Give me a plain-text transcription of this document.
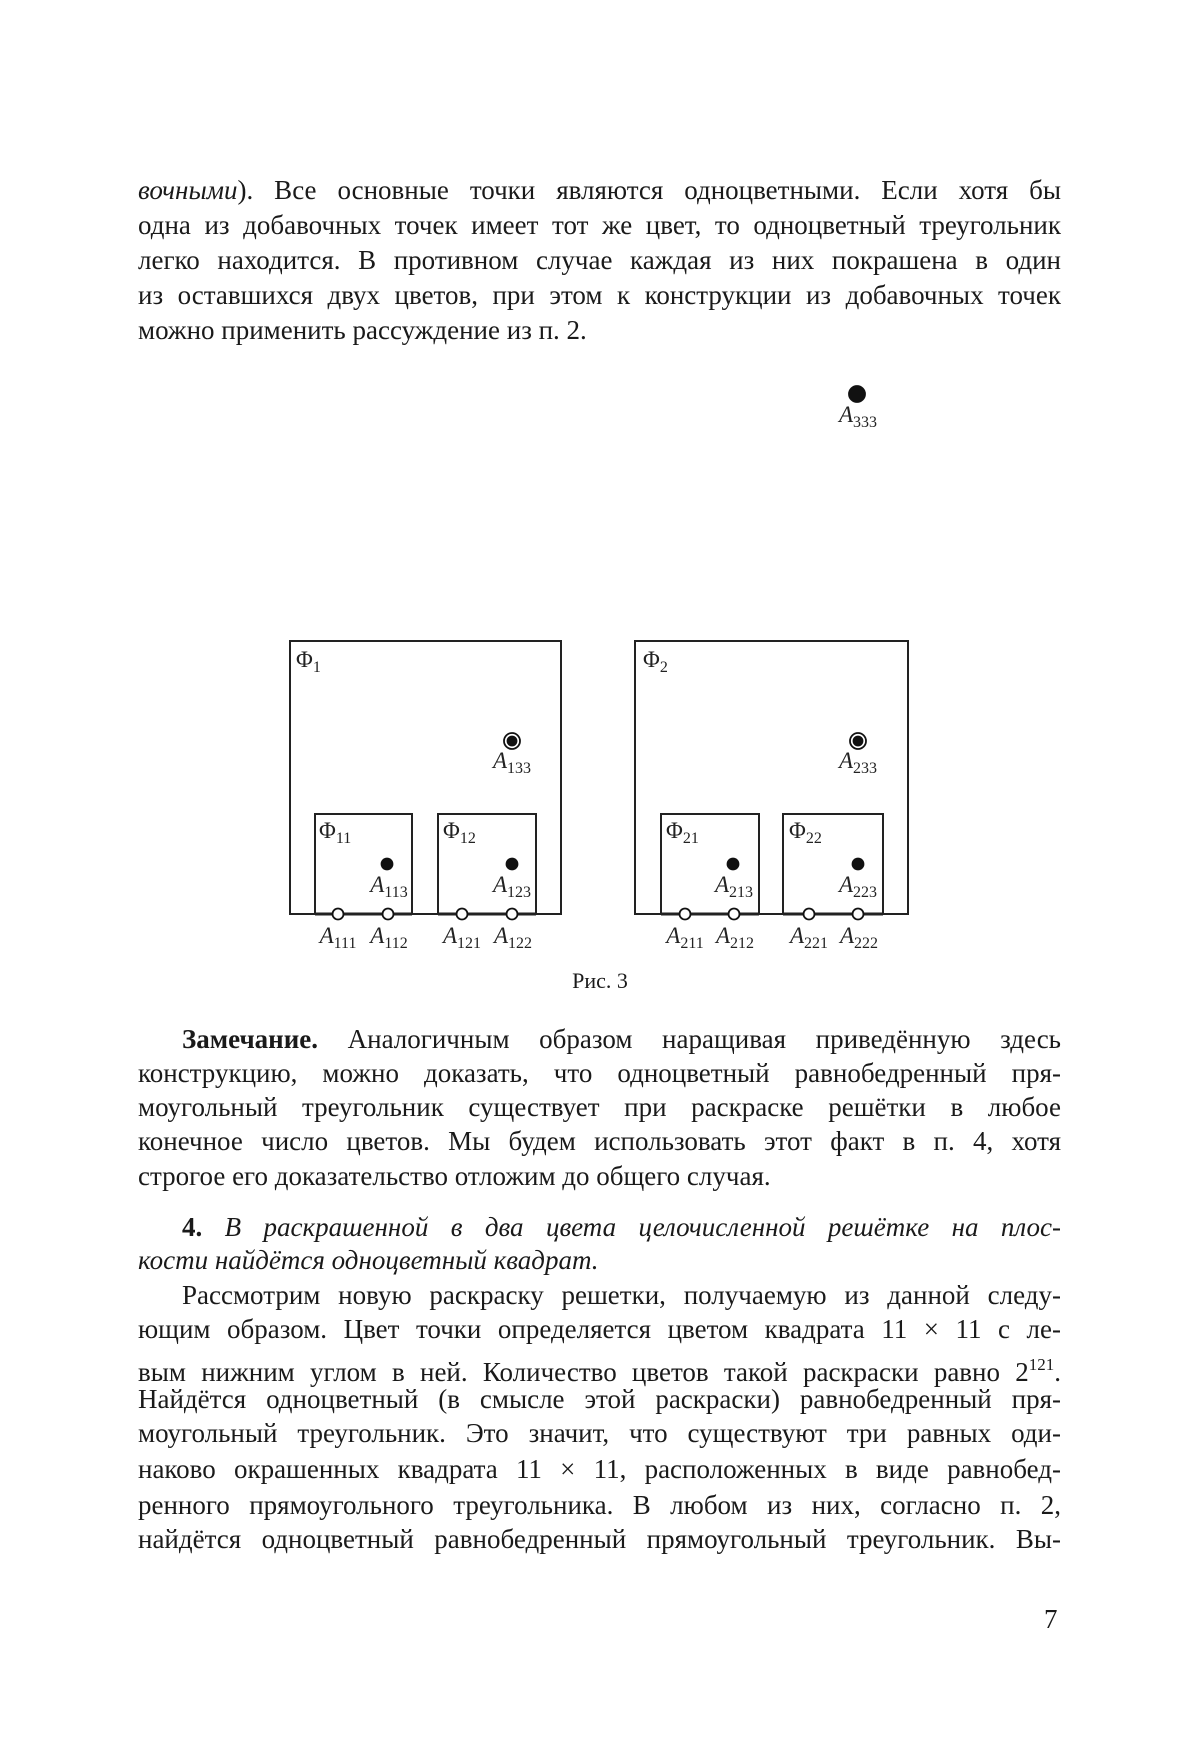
вочными). Все основные точки являются одноцветными. Если хотя бы
одна из добавочных точек имеет тот же цвет, то одноцветный треугольник
легко находится. В противном случае каждая из них покрашена в один
из оставшихся двух цветов, при этом к конструкции из добавочных точек
можно применить рассуждение из п. 2.
Замечание. Аналогичным образом наращивая приведённую здесь
конструкцию, можно доказать, что одноцветный равнобедренный пря-
моугольный треугольник существует при раскраске решётки в любое
конечное число цветов. Мы будем использовать этот факт в п. 4, хотя
строгое его доказательство отложим до общего случая.
4. В раскрашенной в два цвета целочисленной решётке на плос-
кости найдётся одноцветный квадрат.
Рассмотрим новую раскраску решетки, получаемую из данной следу-
ющим образом. Цвет точки определяется цветом квадрата 11 × 11 с ле-
вым нижним углом в ней. Количество цветов такой раскраски равно 2121.
Найдётся одноцветный (в смысле этой раскраски) равнобедренный пря-
моугольный треугольник. Это значит, что существуют три равных оди-
наково окрашенных квадрата 11 × 11, расположенных в виде равнобед-
ренного прямоугольного треугольника. В любом из них, согласно п. 2,
найдётся одноцветный равнобедренный прямоугольный треугольник. Вы-
Φ1	Φ2
Φ11	Φ12	Φ21	Φ22
A333
A133	A233
A113	A123	A213	A223
A111 A112 A121 A122	A211 A212 A221 A222
Рис. 3
7
